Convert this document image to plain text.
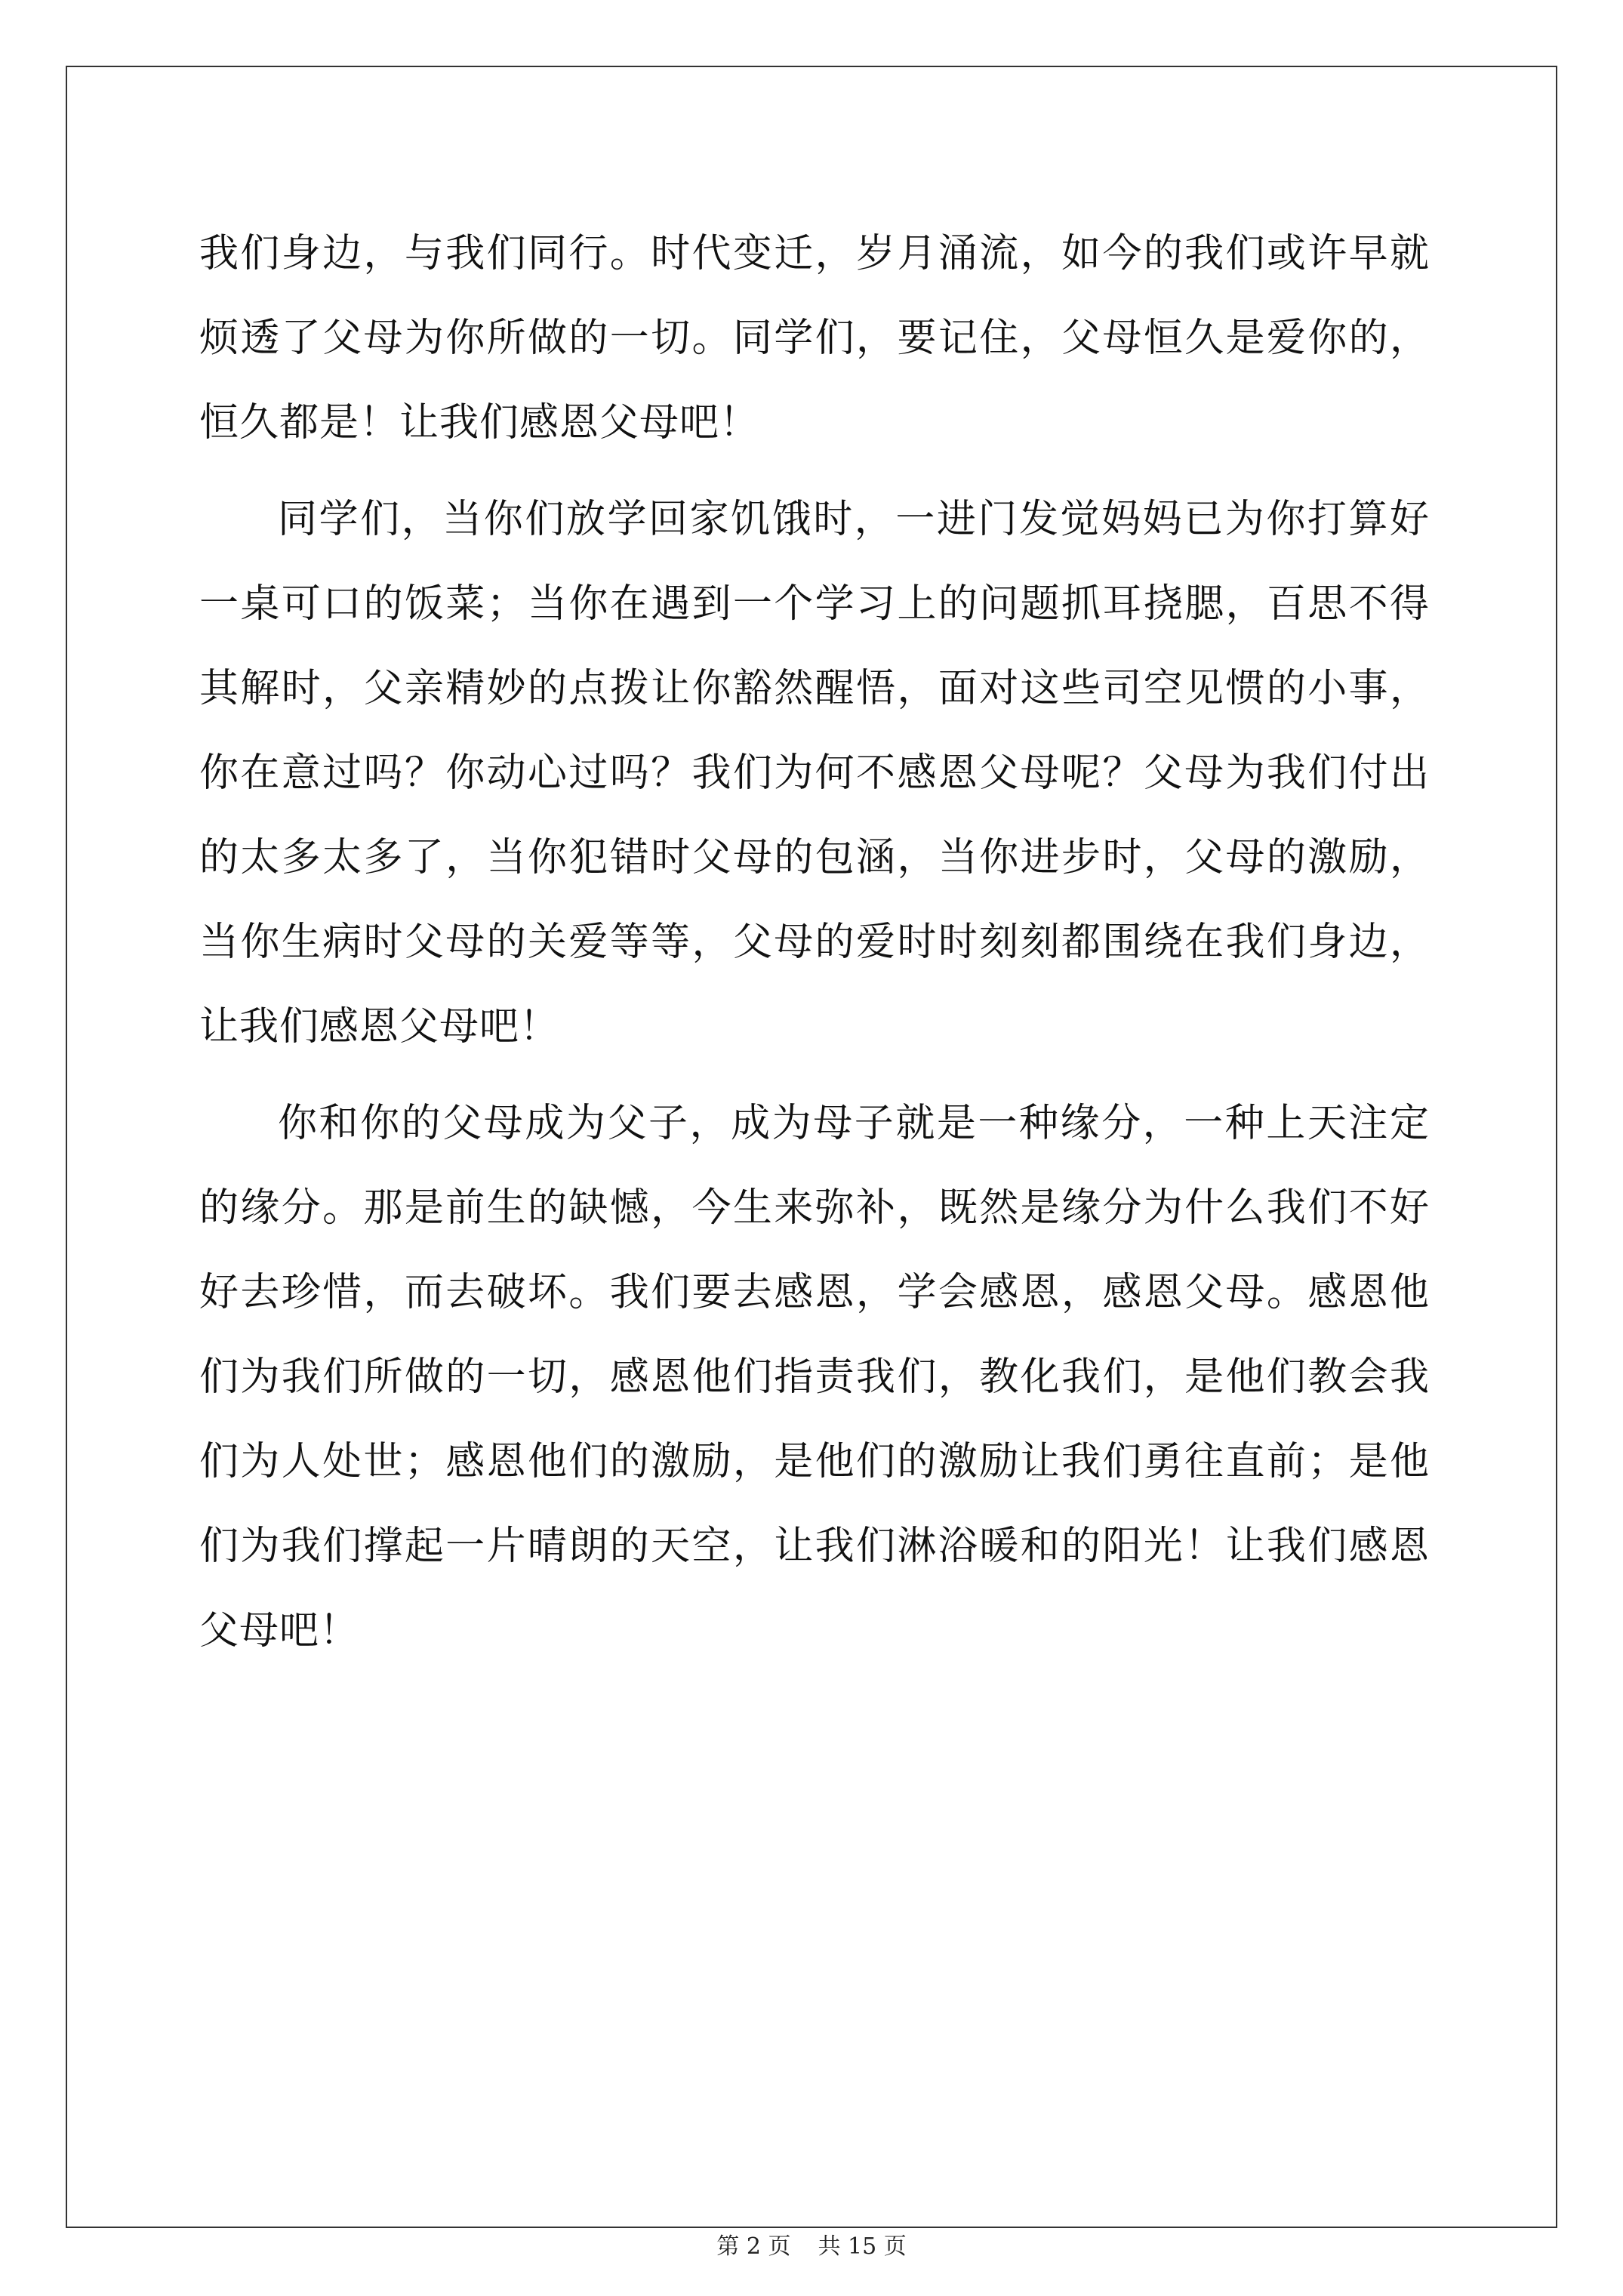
我们身边，与我们同行。时代变迁，岁月涌流，如今的我们或许早就
烦透了父母为你所做的一切。同学们，要记住，父母恒久是爱你的，
恒久都是！让我们感恩父母吧！
同学们，当你们放学回家饥饿时，一进门发觉妈妈已为你打算好
一桌可口的饭菜；当你在遇到一个学习上的问题抓耳挠腮，百思不得
其解时，父亲精妙的点拨让你豁然醒悟，面对这些司空见惯的小事，
你在意过吗？你动心过吗？我们为何不感恩父母呢？父母为我们付出
的太多太多了，当你犯错时父母的包涵，当你进步时，父母的激励，
当你生病时父母的关爱等等，父母的爱时时刻刻都围绕在我们身边，
让我们感恩父母吧！
你和你的父母成为父子，成为母子就是一种缘分，一种上天注定
的缘分。那是前生的缺憾，今生来弥补，既然是缘分为什么我们不好
好去珍惜，而去破坏。我们要去感恩，学会感恩，感恩父母。感恩他
们为我们所做的一切，感恩他们指责我们，教化我们，是他们教会我
们为人处世；感恩他们的激励，是他们的激励让我们勇往直前；是他
们为我们撑起一片晴朗的天空，让我们淋浴暖和的阳光！让我们感恩
父母吧！
第 2 页 共 15 页
